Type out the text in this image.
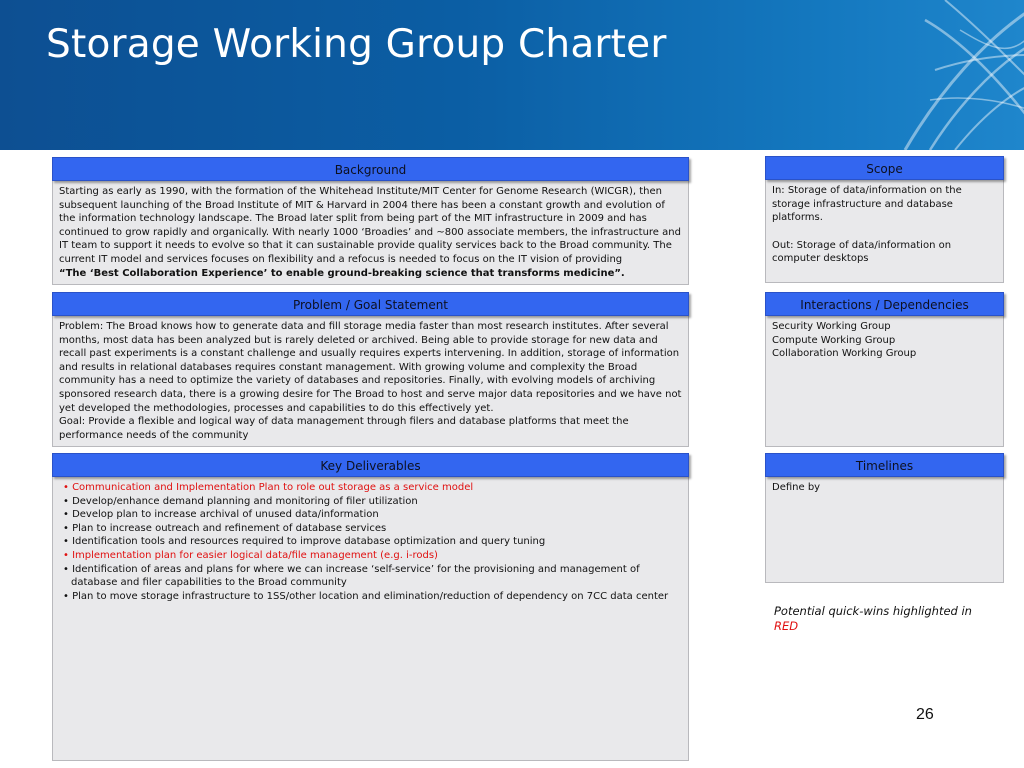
Storage Working Group Charter
Background

Starting as early as 1990, with the formation of the Whitehead Institute/MIT Center for Genome Research (WICGR), then subsequent launching of the Broad Institute of MIT & Harvard in 2004 there has been a constant growth and evolution of the information technology landscape. The Broad later split from being part of the MIT infrastructure in 2009 and has continued to grow rapidly and organically. With nearly 1000 ‘Broadies’ and ~800 associate members, the infrastructure and IT team to support it needs to evolve so that it can sustainable provide quality services back to the Broad community. The current IT model and services focuses on flexibility and a refocus is needed to focus on the IT vision of providing

“The ‘Best Collaboration Experience’ to enable ground-breaking science that transforms medicine”.

Scope

In: Storage of data/information on the storage infrastructure and database platforms.

Out: Storage of data/information on computer desktops

Problem / Goal Statement

Problem: The Broad knows how to generate data and fill storage media faster than most research institutes. After several months, most data has been analyzed but is rarely deleted or archived. Being able to provide storage for new data and recall past experiments is a constant challenge and usually requires experts intervening. In addition, storage of information and results in relational databases requires constant management. With growing volume and complexity the Broad community has a need to optimize the variety of databases and repositories. Finally, with evolving models of archiving sponsored research data, there is a growing desire for The Broad to host and serve major data repositories and we have not yet developed the methodologies, processes and capabilities to do this effectively yet.

Goal: Provide a flexible and logical way of data management through filers and database platforms that meet the performance needs of the community

Interactions / Dependencies

Security Working Group

Compute Working Group

Collaboration Working Group

Key Deliverables
• Communication and Implementation Plan to role out storage as a service model
• Develop/enhance demand planning and monitoring of filer utilization
• Develop plan to increase archival of unused data/information
• Plan to increase outreach and refinement of database services
• Identification tools and resources required to improve database optimization and query tuning
• Implementation plan for easier logical data/file management (e.g. i-rods)
• Identification of areas and plans for where we can increase ‘self-service’ for the provisioning and management of database and filer capabilities to the Broad community
• Plan to move storage infrastructure to 1SS/other location and elimination/reduction of dependency on 7CC data center
Timelines

Define by

Potential quick-wins highlighted in RED
26
